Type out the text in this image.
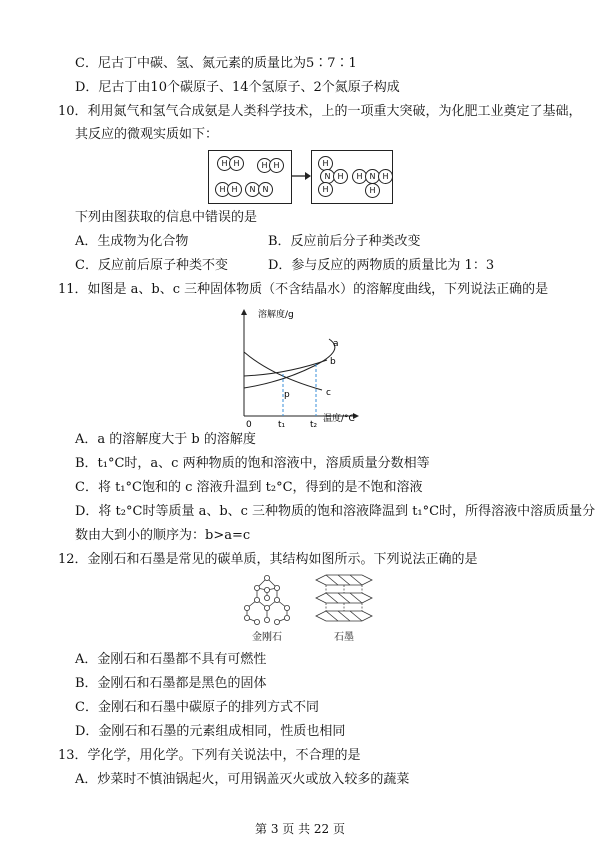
C．尼古丁中碳、氢、氮元素的质量比为5∶7∶1
D．尼古丁由10个碳原子、14个氢原子、2个氮原子构成
10．利用氮气和氢气合成氨是人类科学技术，上的一项重大突破，为化肥工业奠定了基础，
其反应的微观实质如下：
H H	H H
H H	N N
H
N H
H
H N H
H
下列由图获取的信息中错误的是
A．生成物为化合物	B．反应前后分子种类改变
C．反应前后原子种类不变	D．参与反应的两物质的质量比为 1：3
11．如图是 a、b、c 三种固体物质（不含结晶水）的溶解度曲线，下列说法正确的是
溶解度/g
温度/°C
0	t₁	t₂
a
b
c
p
A．a 的溶解度大于 b 的溶解度
B．t₁°C时，a、c 两种物质的饱和溶液中，溶质质量分数相等
C．将 t₁°C饱和的 c 溶液升温到 t₂°C，得到的是不饱和溶液
D．将 t₂°C时等质量 a、b、c 三种物质的饱和溶液降温到 t₁°C时，所得溶液中溶质质量分
数由大到小的顺序为：b>a=c
12．金刚石和石墨是常见的碳单质，其结构如图所示。下列说法正确的是
金刚石	石墨
A．金刚石和石墨都不具有可燃性
B．金刚石和石墨都是黑色的固体
C．金刚石和石墨中碳原子的排列方式不同
D．金刚石和石墨的元素组成相同，性质也相同
13．学化学，用化学。下列有关说法中，不合理的是
A．炒菜时不慎油锅起火，可用锅盖灭火或放入较多的蔬菜
第 3 页 共 22 页
